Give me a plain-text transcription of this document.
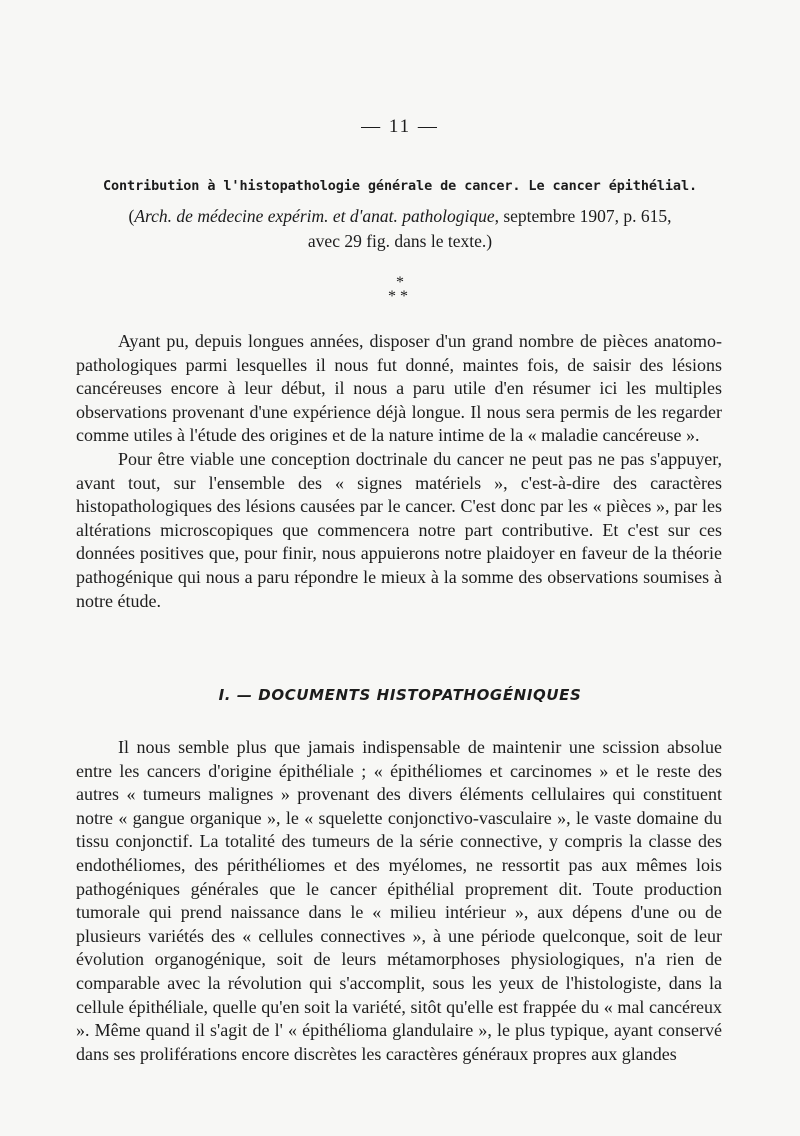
— 11 —
Contribution à l'histopathologie générale de cancer. Le cancer épithélial.
(Arch. de médecine expérim. et d'anat. pathologique, septembre 1907, p. 615,
avec 29 fig. dans le texte.)
*
**

Ayant pu, depuis longues années, disposer d'un grand nombre de pièces anatomo-pathologiques parmi lesquelles il nous fut donné, maintes fois, de saisir des lésions cancéreuses encore à leur début, il nous a paru utile d'en résumer ici les multiples observations provenant d'une expérience déjà longue. Il nous sera permis de les regarder comme utiles à l'étude des origines et de la nature intime de la « maladie cancéreuse ».

Pour être viable une conception doctrinale du cancer ne peut pas ne pas s'appuyer, avant tout, sur l'ensemble des « signes matériels », c'est-à-dire des caractères histopathologiques des lésions causées par le cancer. C'est donc par les « pièces », par les altérations microscopiques que commencera notre part contributive. Et c'est sur ces données positives que, pour finir, nous appuierons notre plaidoyer en faveur de la théorie pathogénique qui nous a paru répondre le mieux à la somme des observations soumises à notre étude.

I. — DOCUMENTS HISTOPATHOGÉNIQUES

Il nous semble plus que jamais indispensable de maintenir une scission absolue entre les cancers d'origine épithéliale ; « épithéliomes et carcinomes » et le reste des autres « tumeurs malignes » provenant des divers éléments cellulaires qui constituent notre « gangue organique », le « squelette conjonctivo-vasculaire », le vaste domaine du tissu conjonctif. La totalité des tumeurs de la série connective, y compris la classe des endothéliomes, des périthéliomes et des myélomes, ne ressortit pas aux mêmes lois pathogéniques générales que le cancer épithélial proprement dit. Toute production tumorale qui prend naissance dans le « milieu intérieur », aux dépens d'une ou de plusieurs variétés des « cellules connectives », à une période quelconque, soit de leur évolution organogénique, soit de leurs métamorphoses physiologiques, n'a rien de comparable avec la révolution qui s'accomplit, sous les yeux de l'histologiste, dans la cellule épithéliale, quelle qu'en soit la variété, sitôt qu'elle est frappée du « mal cancéreux ». Même quand il s'agit de l' « épithélioma glandulaire », le plus typique, ayant conservé dans ses proliférations encore discrètes les caractères généraux propres aux glandes
